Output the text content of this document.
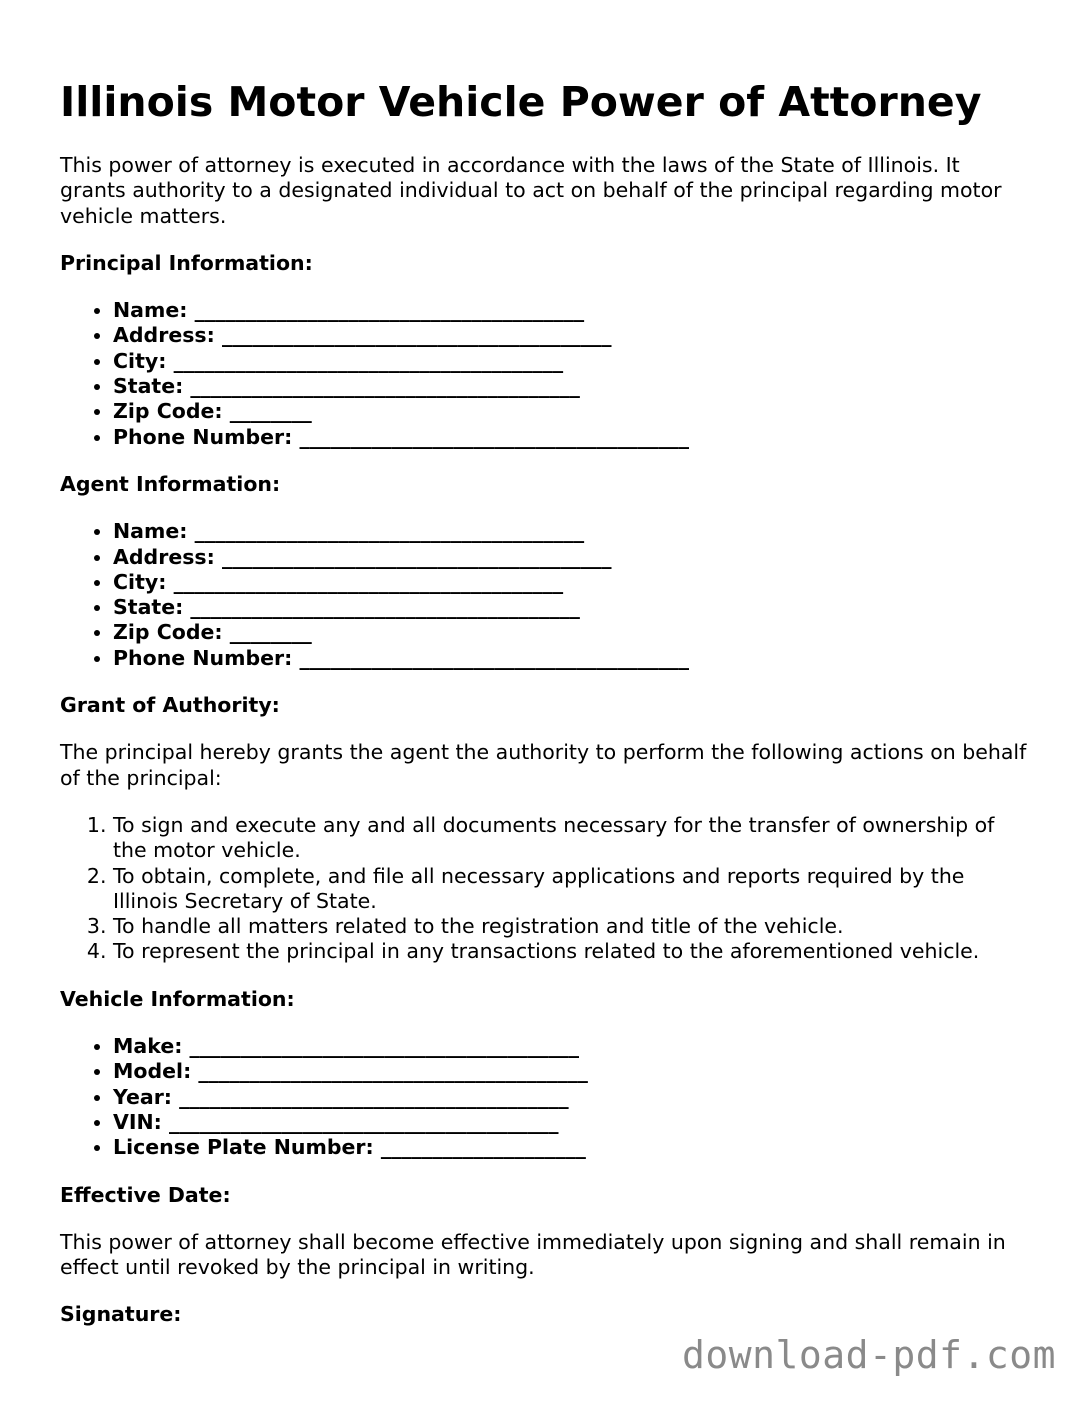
Illinois Motor Vehicle Power of Attorney

This power of attorney is executed in accordance with the laws of the State of Illinois. It grants authority to a designated individual to act on behalf of the principal regarding motor vehicle matters.

Principal Information:
• Name: ______________________________________
• Address: ______________________________________
• City: ______________________________________
• State: ______________________________________
• Zip Code: ________
• Phone Number: ______________________________________
Agent Information:
• Name: ______________________________________
• Address: ______________________________________
• City: ______________________________________
• State: ______________________________________
• Zip Code: ________
• Phone Number: ______________________________________
Grant of Authority:

The principal hereby grants the agent the authority to perform the following actions on behalf of the principal:

1. To sign and execute any and all documents necessary for the transfer of ownership of the motor vehicle.
2. To obtain, complete, and file all necessary applications and reports required by the Illinois Secretary of State.
3. To handle all matters related to the registration and title of the vehicle.
4. To represent the principal in any transactions related to the aforementioned vehicle.
Vehicle Information:
• Make: ______________________________________
• Model: ______________________________________
• Year: ______________________________________
• VIN: ______________________________________
• License Plate Number: ____________________
Effective Date:

This power of attorney shall become effective immediately upon signing and shall remain in effect until revoked by the principal in writing.

Signature:
download-pdf.com
